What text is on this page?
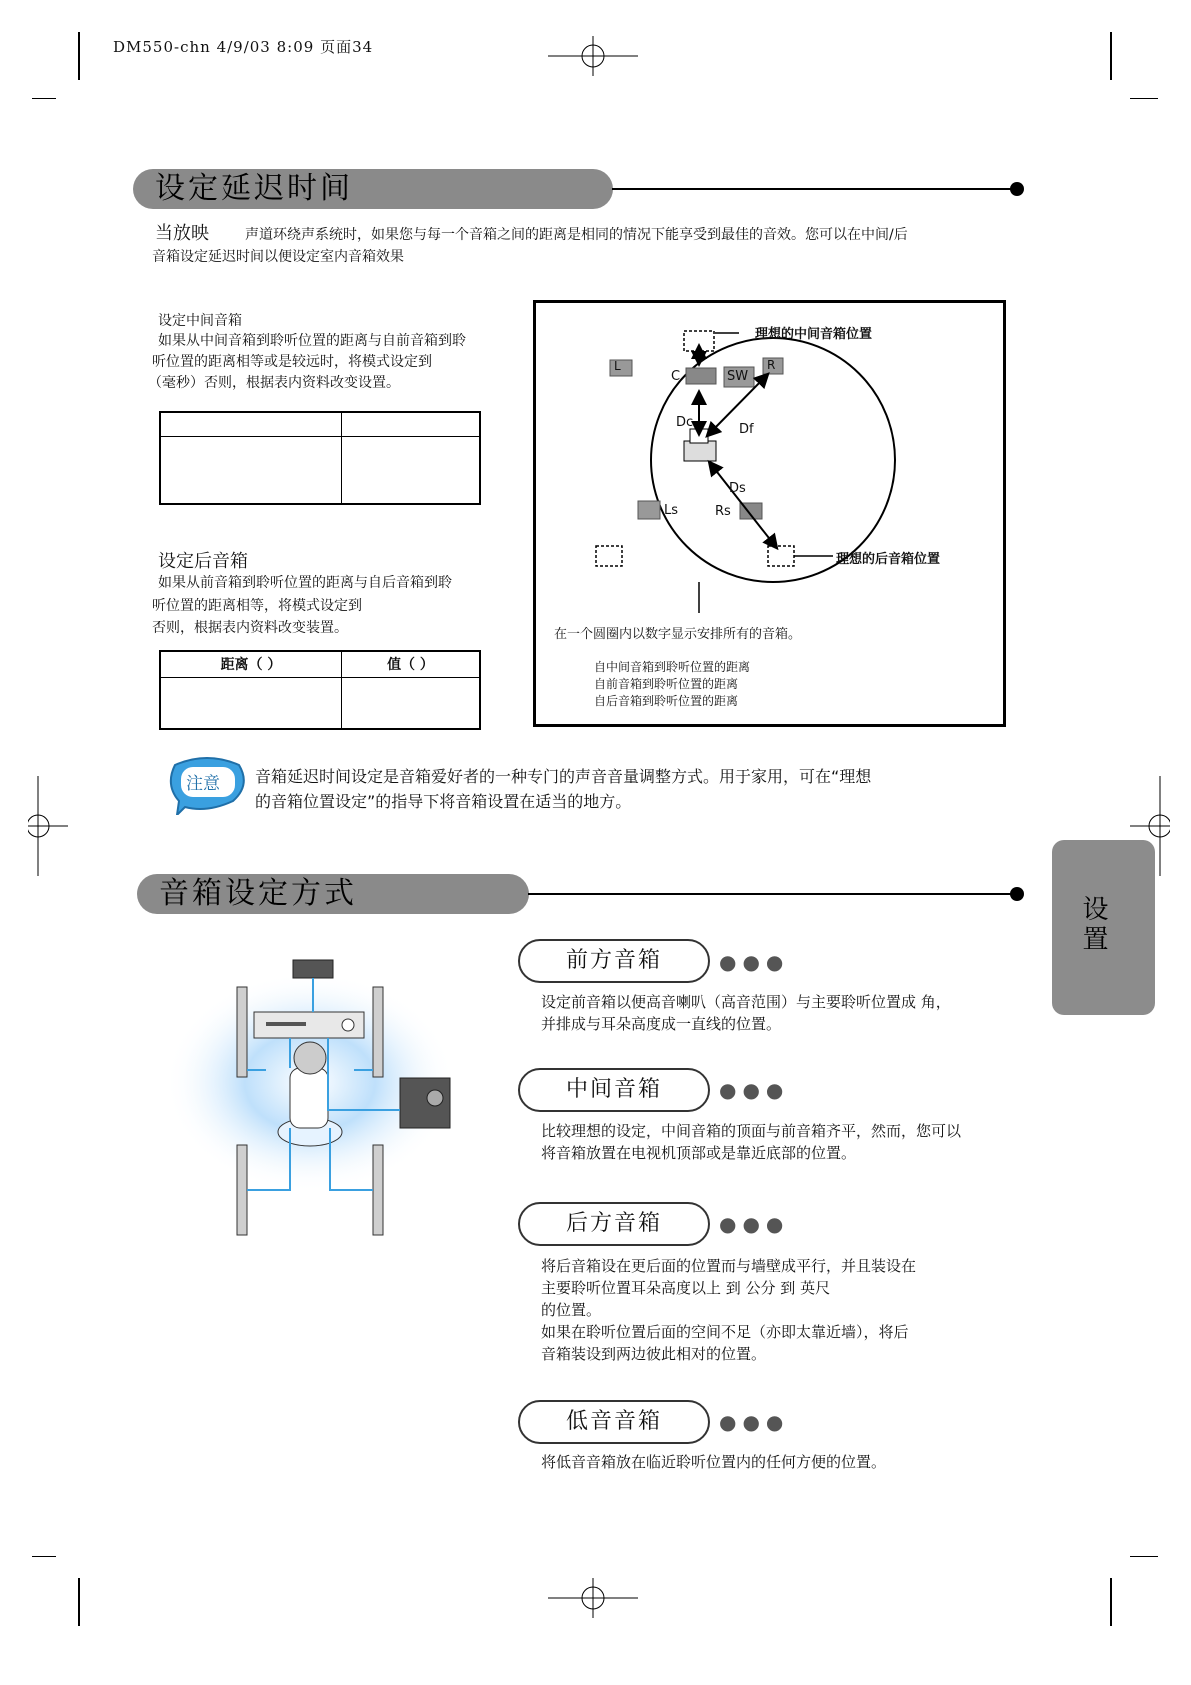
DM550-chn 4/9/03 8:09 页面34
设定延迟时间
当放映	声道环绕声系统时，如果您与每一个音箱之间的距离是相同的情况下能享受到最佳的音效。您可以在中间/后
音箱设定延迟时间以便设定室内音箱效果
设定中间音箱
如果从中间音箱到聆听位置的距离与自前音箱到聆
听位置的距离相等或是较远时，将模式设定到
（毫秒）否则，根据表内资料改变设置。

设定后音箱
如果从前音箱到聆听位置的距离与自后音箱到聆
听位置的距离相等，将模式设定到
否则，根据表内资料改变装置。
距离（ ）	值（ ）

理想的中间音箱位置
理想的后音箱位置
L
C	SW
R
Ls	Rs
Dc	Df
Ds
在一个圆圈内以数字显示安排所有的音箱。
自中间音箱到聆听位置的距离
自前音箱到聆听位置的距离
自后音箱到聆听位置的距离
注意 音箱延迟时间设定是音箱爱好者的一种专门的声音音量调整方式。用于家用，可在“理想
的音箱位置设定”的指导下将音箱设置在适当的地方。
音箱设定方式
前方音箱	●●●
设定前音箱以便高音喇叭（高音范围）与主要聆听位置成 角，
并排成与耳朵高度成一直线的位置。
中间音箱	●●●
比较理想的设定，中间音箱的顶面与前音箱齐平，然而，您可以
将音箱放置在电视机顶部或是靠近底部的位置。
后方音箱	●●●
将后音箱设在更后面的位置而与墙壁成平行，并且装设在
主要聆听位置耳朵高度以上 到 公分 到 英尺
的位置。
如果在聆听位置后面的空间不足（亦即太靠近墙），将后
音箱装设到两边彼此相对的位置。
低音音箱	●●●
将低音音箱放在临近聆听位置内的任何方便的位置。
设置
